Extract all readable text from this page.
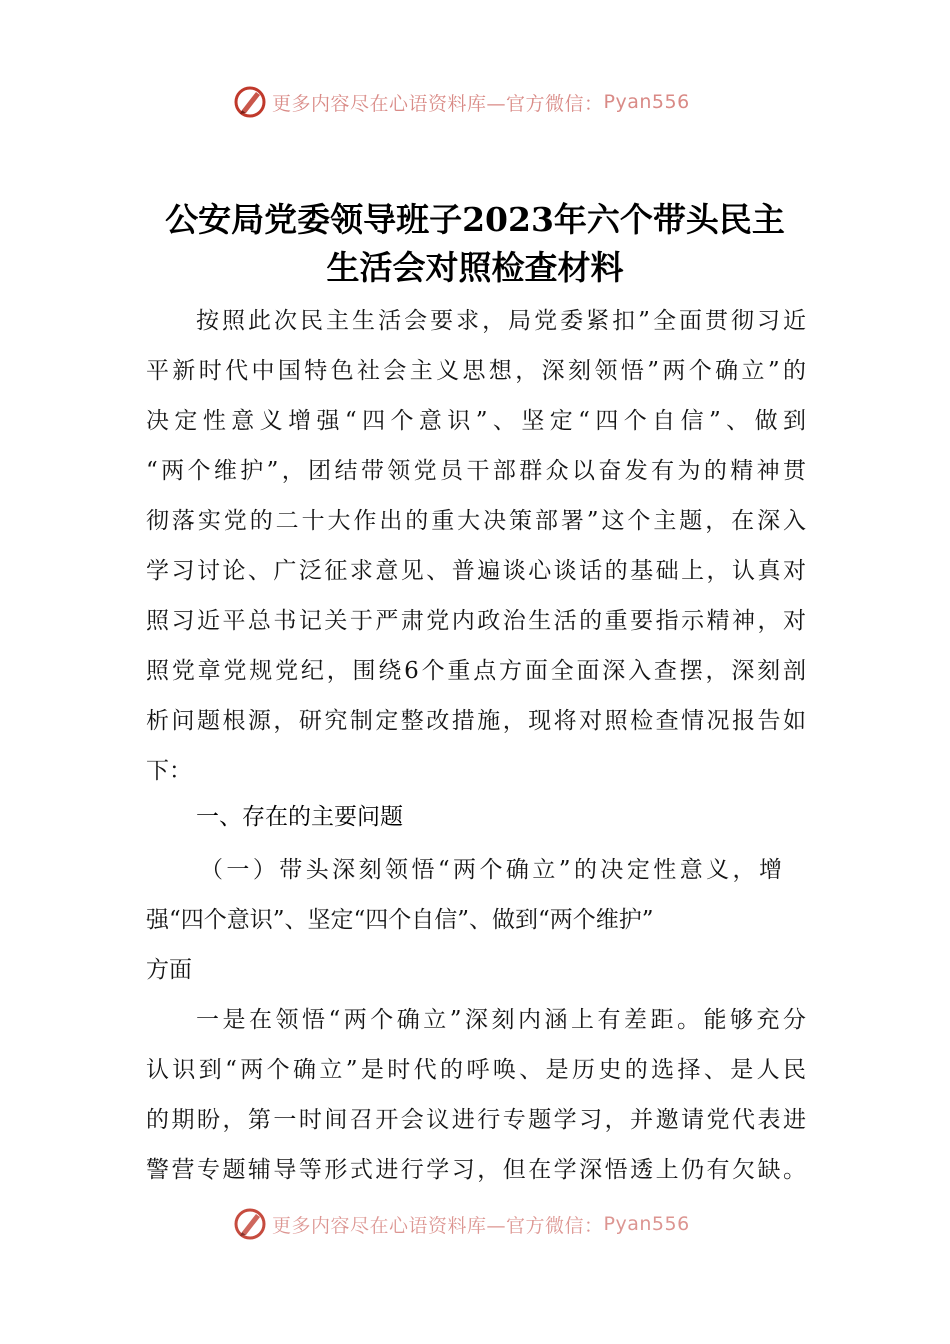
更多内容尽在心语资料库—官方微信： Pyan556
公安局党委领导班子2023年六个带头民主
生活会对照检查材料
按照此次民主生活会要求，局党委紧扣”全面贯彻习近
平新时代中国特色社会主义思想，深刻领悟”两个确立”的
决定性意义增强“四个意识”、坚定“四个自信”、做到
“两个维护”，团结带领党员干部群众以奋发有为的精神贯
彻落实党的二十大作出的重大决策部署”这个主题，在深入
学习讨论、广泛征求意见、普遍谈心谈话的基础上，认真对
照习近平总书记关于严肃党内政治生活的重要指示精神，对
照党章党规党纪，围绕6个重点方面全面深入查摆，深刻剖
析问题根源，研究制定整改措施，现将对照检查情况报告如
下：
一、存在的主要问题
（一）带头深刻领悟“两个确立”的决定性意义，增
强“四个意识”、坚定“四个自信”、做到“两个维护”
方面
一是在领悟“两个确立”深刻内涵上有差距。能够充分
认识到“两个确立”是时代的呼唤、是历史的选择、是人民
的期盼，第一时间召开会议进行专题学习，并邀请党代表进
警营专题辅导等形式进行学习，但在学深悟透上仍有欠缺。
更多内容尽在心语资料库—官方微信： Pyan556
